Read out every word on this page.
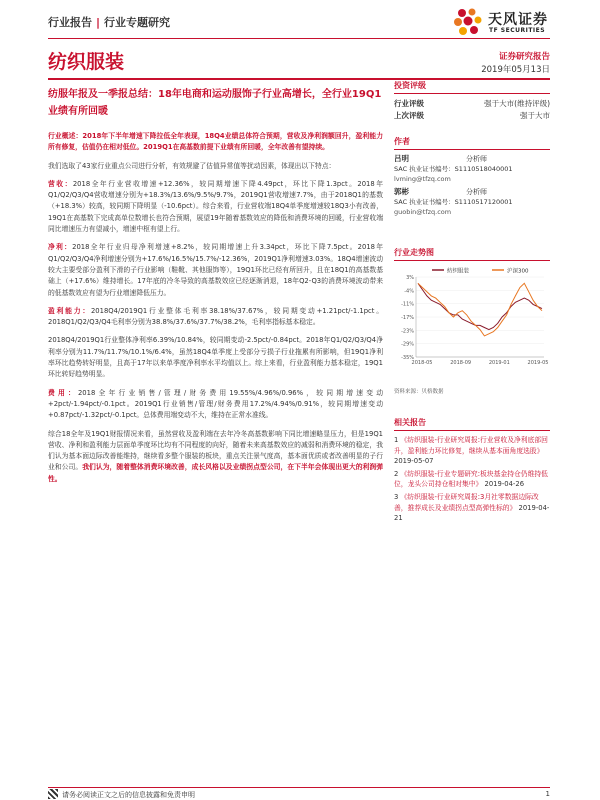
行业报告 | 行业专题研究	天风证券
TF SECURITIES
纺织服装	证券研究报告
2019年05月13日
纺服年报及一季报总结：18年电商和运动服饰子行业高增长，全行业19Q1业绩有所回暖

行业概述：2018年下半年增速下降拉低全年表现，18Q4业绩总体符合预期，营收及净利润额回升，盈利能力所有修复，估值仍在相对低位。2019Q1在高基数前提下业绩有所回暖，全年改善有望持续。

我们选取了43家行业重点公司进行分析，有效规避了估值异常值等扰动因素，体现出以下特点：

营收：2018全年行业营收增速+12.36%，较同期增速下降4.49pct，环比下降1.3pct。2018年Q1/Q2/Q3/Q4营收增速分别为+18.3%/13.6%/9.5%/9.7%，2019Q1营收增速7.7%，由于2018Q1的基数（+18.3%）较高，较同期下降明显（-10.6pct）。综合来看，行业营收端18Q4单季度增速较18Q3小有改善，19Q1在高基数下完成高单位数增长也符合预期，展望19年随着基数效应的降低和消费环境的回暖，行业营收端同比增速压力有望减小，增速中枢有望上行。

净利：2018全年行业归母净利增速+8.2%，较同期增速上升3.34pct，环比下降7.5pct。2018年Q1/Q2/Q3/Q4净利增速分别为+17.6%/16.5%/15.7%/-12.36%，2019Q1净利增速3.03%。18Q4增速波动较大主要受部分盈利下滑的子行业影响（鞋靴、其他服饰等），19Q1环比已经有所回升，且在18Q1的高基数基础上（+17.6%）维持增长。17年底的冷冬导致的高基数效应已经逐渐消退，18年Q2-Q3的消费环境波动带来的低基数效应有望为行业增速降低压力。

盈利能力：2018Q4/2019Q1行业整体毛利率38.18%/37.67%，较同期变动+1.21pct/-1.1pct。2018Q1/Q2/Q3/Q4毛利率分别为38.8%/37.6%/37.7%/38.2%，毛利率指标基本稳定。

2018Q4/2019Q1行业整体净利率6.39%/10.84%，较同期变动-2.5pct/-0.84pct。2018年Q1/Q2/Q3/Q4净利率分别为11.7%/11.7%/10.1%/6.4%，虽然18Q4单季度上受部分亏损子行业拖累有所影响，但19Q1净利率环比趋势转好明显，且高于17年以来单季度净利率水平均值以上。综上来看，行业盈利能力基本稳定，19Q1环比转好趋势明显。

费用：2018全年行业销售/管理/财务费用19.55%/4.96%/0.96%，较同期增速变动+2pct/-1.94pct/-0.1pct。2019Q1行业销售/管理/财务费用17.2%/4.94%/0.91%，较同期增速变动+0.87pct/-1.32pct/-0.1pct。总体费用端变动不大，维持在正常水准线。

综合18全年及19Q1财报情况来看，虽然营收及盈利端在去年冷冬高基数影响下同比增速略显压力，但是19Q1营收、净利和盈利能力层面单季度环比均有不同程度的向好，随着未来高基数效应的减弱和消费环境的稳定，我们认为基本面边际改善能维持，继续看多整个服装的板块，重点关注景气度高，基本面优质或者改善明显的子行业和公司。我们认为，随着整体消费环境改善，成长风格以及业绩拐点型公司，在下半年会体现出更大的利润弹性。

投资评级
行业评级	强于大市(维持评级)
上次评级	强于大市
作者
吕明	分析师
SAC 执业证书编号：S1110518040001
lvming@tfzq.com
郭彬	分析师
SAC 执业证书编号：S1110517120001
guobin@tfzq.com
行业走势图
纺织服装	沪深300
3%
-4%
-11%
-17%
-23%
-29%
-35%
2018-05	2018-09	2019-01	2019-05
资料来源：贝格数据
相关报告
1 《纺织服装-行业研究周报:行业营收及净利底部回升，盈利能力环比修复，继续从基本面角度选股》 2019-05-07
2 《纺织服装-行业专题研究:板块基金持仓仍维持低位，龙头公司持仓相对集中》 2019-04-26
3 《纺织服装-行业研究周报:3月社零数据边际改善，推荐成长及业绩拐点型高弹性标的》 2019-04-21
请务必阅读正文之后的信息披露和免责申明	1
